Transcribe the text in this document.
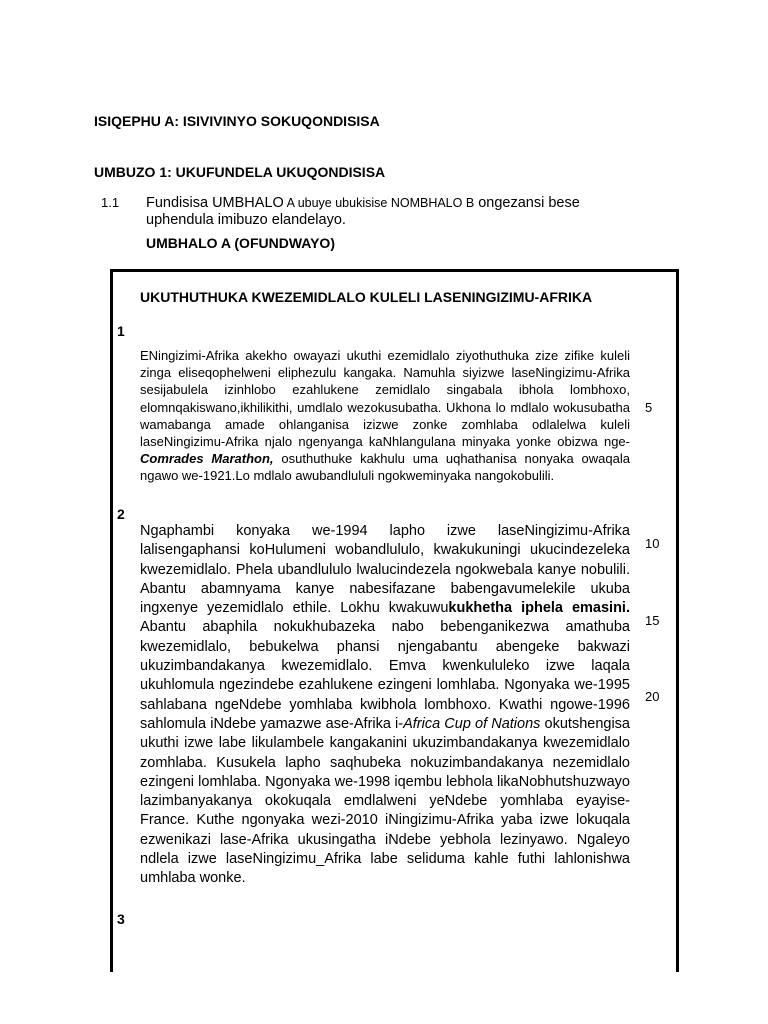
ISIQEPHU A: ISIVIVINYO SOKUQONDISISA
UMBUZO 1: UKUFUNDELA UKUQONDISISA
1.1 Fundisisa UMBHALO A ubuye ubukisise NOMBHALO B ongezansi bese uphendula imibuzo elandelayo.
UMBHALO A (OFUNDWAYO)
1
2
3
UKUTHUTHUKA KWEZEMIDLALO KULELI LASENINGIZIMU-AFRIKA
ENingizimi-Afrika akekho owayazi ukuthi ezemidlalo ziyothuthuka zize zifike kuleli zinga eliseqophelweni eliphezulu kangaka. Namuhla siyizwe laseNingizimu-Afrika sesijabulela izinhlobo ezahlukene zemidlalo singabala ibhola lombhoxo, elomnqakiswano,ikhilikithi, umdlalo wezokusubatha. Ukhona lo mdlalo wokusubatha wamabanga amade ohlanganisa izizwe zonke zomhlaba odlalelwa kuleli laseNingizimu-Afrika njalo ngenyanga kaNhlangulana minyaka yonke obizwa nge-Comrades Marathon, osuthuthuke kakhulu uma uqhathanisa nonyaka owaqala ngawo we-1921.Lo mdlalo awubandlululi ngokweminyaka nangokobulili.
Ngaphambi konyaka we-1994 lapho izwe laseNingizimu-Afrika lalisengaphansi koHulumeni wobandlululo, kwakukuningi ukucindezeleka kwezemidlalo. Phela ubandlululo lwalucindezela ngokwebala kanye nobulili. Abantu abamnyama kanye nabesifazane babengavumelekile ukuba ingxenye yezemidlalo ethile. Lokhu kwakuwukukhetha iphela emasini. Abantu abaphila nokukhubazeka nabo bebenganikezwa amathuba kwezemidlalo, bebukelwa phansi njengabantu abengeke bakwazi ukuzimbandakanya kwezemidlalo. Emva kwenkululeko izwe laqala ukuhlomula ngezindebe ezahlukene ezingeni lomhlaba. Ngonyaka we-1995 sahlabana ngeNdebe yomhlaba kwibhola lombhoxo. Kwathi ngowe-1996 sahlomula iNdebe yamazwe ase-Afrika i-Africa Cup of Nations okutshengisa ukuthi izwe labe likulambele kangakanini ukuzimbandakanya kwezemidlalo zomhlaba. Kusukela lapho saqhubeka nokuzimbandakanya nezemidlalo ezingeni lomhlaba. Ngonyaka we-1998 iqembu lebhola likaNobhutshuzwayo lazimbanyakanya okokuqala emdlalweni yeNdebe yomhlaba eyayise-France. Kuthe ngonyaka wezi-2010 iNingizimu-Afrika yaba izwe lokuqala ezwenikazi lase-Afrika ukusingatha iNdebe yebhola lezinyawo. Ngaleyo ndlela izwe laseNingizimu_Afrika labe seliduma kahle futhi lahlonishwa umhlaba wonke.
5
10
15
20
